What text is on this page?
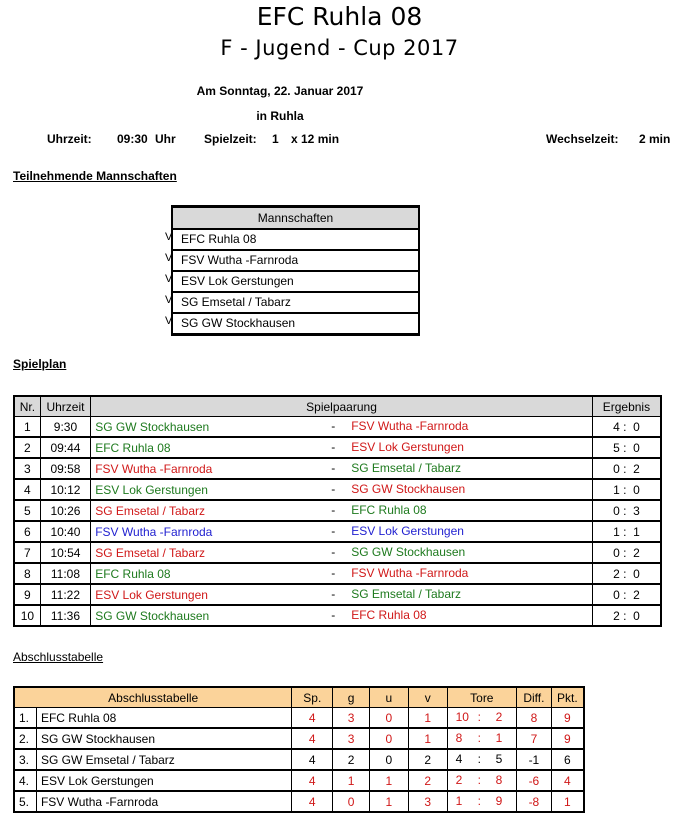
EFC Ruhla 08
F - Jugend - Cup 2017
Am Sonntag, 22. Januar 2017
in Ruhla
Uhrzeit: 09:30 Uhr Spielzeit: 1 x 12 min	Wechselzeit: 2 min
Teilnehmende Mannschaften
V
V
V
V
V
Mannschaften
EFC Ruhla 08
FSV Wutha -Farnroda
ESV Lok Gerstungen
SG Emsetal / Tabarz
SG GW Stockhausen
Spielplan
Nr.	Uhrzeit	Spielpaarung	Ergebnis
1	9:30	SG GW Stockhausen - FSV Wutha -Farnroda	4 :  0
2	09:44	EFC Ruhla 08 - ESV Lok Gerstungen	5 :  0
3	09:58	FSV Wutha -Farnroda - SG Emsetal / Tabarz	0 :  2
4	10:12	ESV Lok Gerstungen - SG GW Stockhausen	1 :  0
5	10:26	SG Emsetal / Tabarz - EFC Ruhla 08	0 :  3
6	10:40	FSV Wutha -Farnroda - ESV Lok Gerstungen	1 :  1
7	10:54	SG Emsetal / Tabarz - SG GW Stockhausen	0 :  2
8	11:08	EFC Ruhla 08 - FSV Wutha -Farnroda	2 :  0
9	11:22	ESV Lok Gerstungen - SG Emsetal / Tabarz	0 :  2
10	11:36	SG GW Stockhausen - EFC Ruhla 08	2 :  0
Abschlusstabelle
Abschlusstabelle		Sp.	g	u	v	Tore	Diff.	Pkt.
1.	EFC Ruhla 08	4	3	0	1	10 : 2	8	9
2.	SG GW Stockhausen	4	3	0	1	8 : 1	7	9
3.	SG GW Emsetal / Tabarz	4	2	0	2	4 : 5	-1	6
4.	ESV Lok Gerstungen	4	1	1	2	2 : 8	-6	4
5.	FSV Wutha -Farnroda	4	0	1	3	1 : 9	-8	1
